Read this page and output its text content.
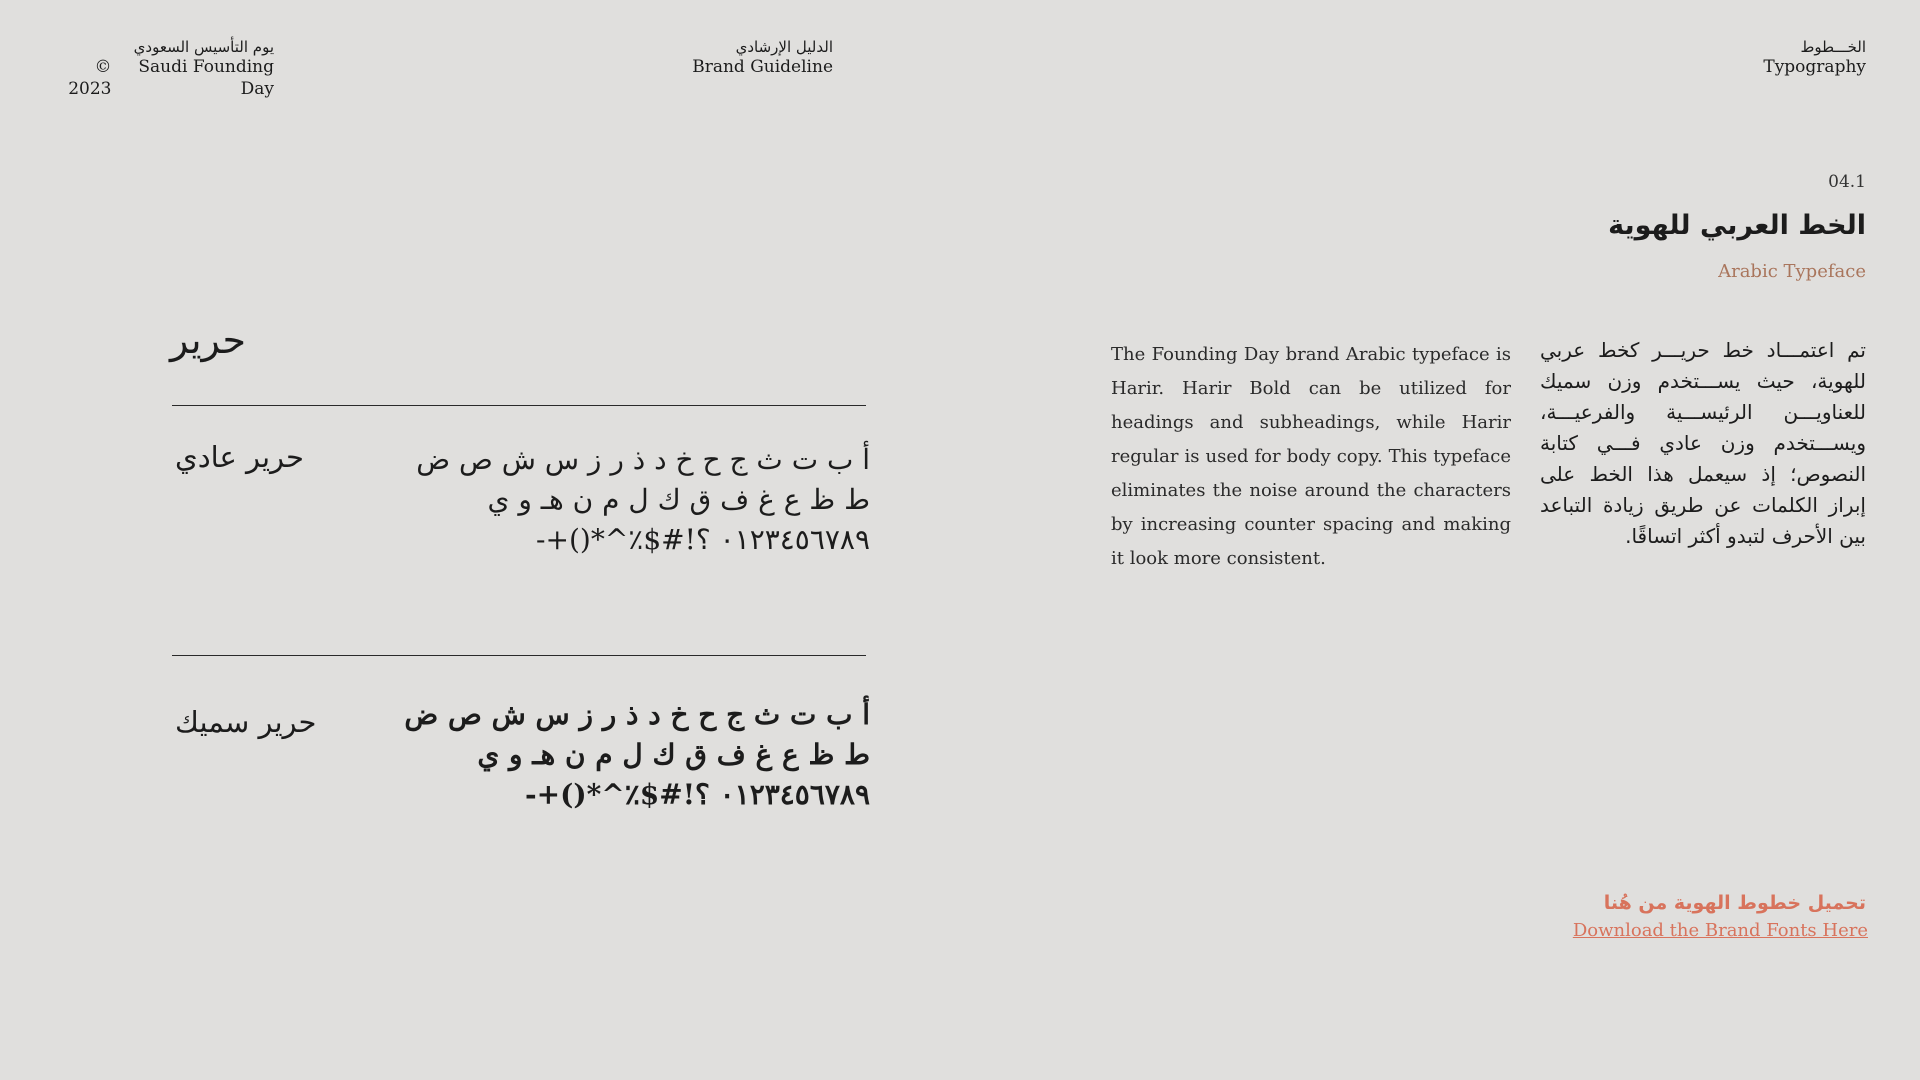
يوم التأسيس السعودي
© 2023
Saudi Founding Day
الدليل الإرشادي
Brand Guideline
الخـــطوط
Typography
04.1
الخط العربي للهوية
Arabic Typeface
تم اعتمـــاد خط حريـــر كخط عربي للهوية، حيث يســـتخدم وزن سميك للعناويـــن الرئيســـية والفرعيـــة، ويســـتخدم وزن عادي فـــي كتابة النصوص؛ إذ سيعمل هذا الخط على إبراز الكلمات عن طريق زيادة التباعد بين الأحرف لتبدو أكثر اتساقًا.
The Founding Day brand Arabic typeface is Harir. Harir Bold can be utilized for headings and subheadings, while Harir regular is used for body copy. This typeface eliminates the noise around the characters by increasing counter spacing and making it look more consistent.
حرير
حرير عادي	أ ب ت ث ج ح خ د ذ ر ز س ش ص ض
ط ظ ع غ ف ق ك ل م ن هـ و ي
٠١٢٣٤٥٦٧٨٩ ؟!#$٪^*()+-
حرير سميك	أ ب ت ث ج ح خ د ذ ر ز س ش ص ض
ط ظ ع غ ف ق ك ل م ن هـ و ي
٠١٢٣٤٥٦٧٨٩ ؟!#$٪^*()+-
تحميل خطوط الهوية من هُنا
Download the Brand Fonts Here
